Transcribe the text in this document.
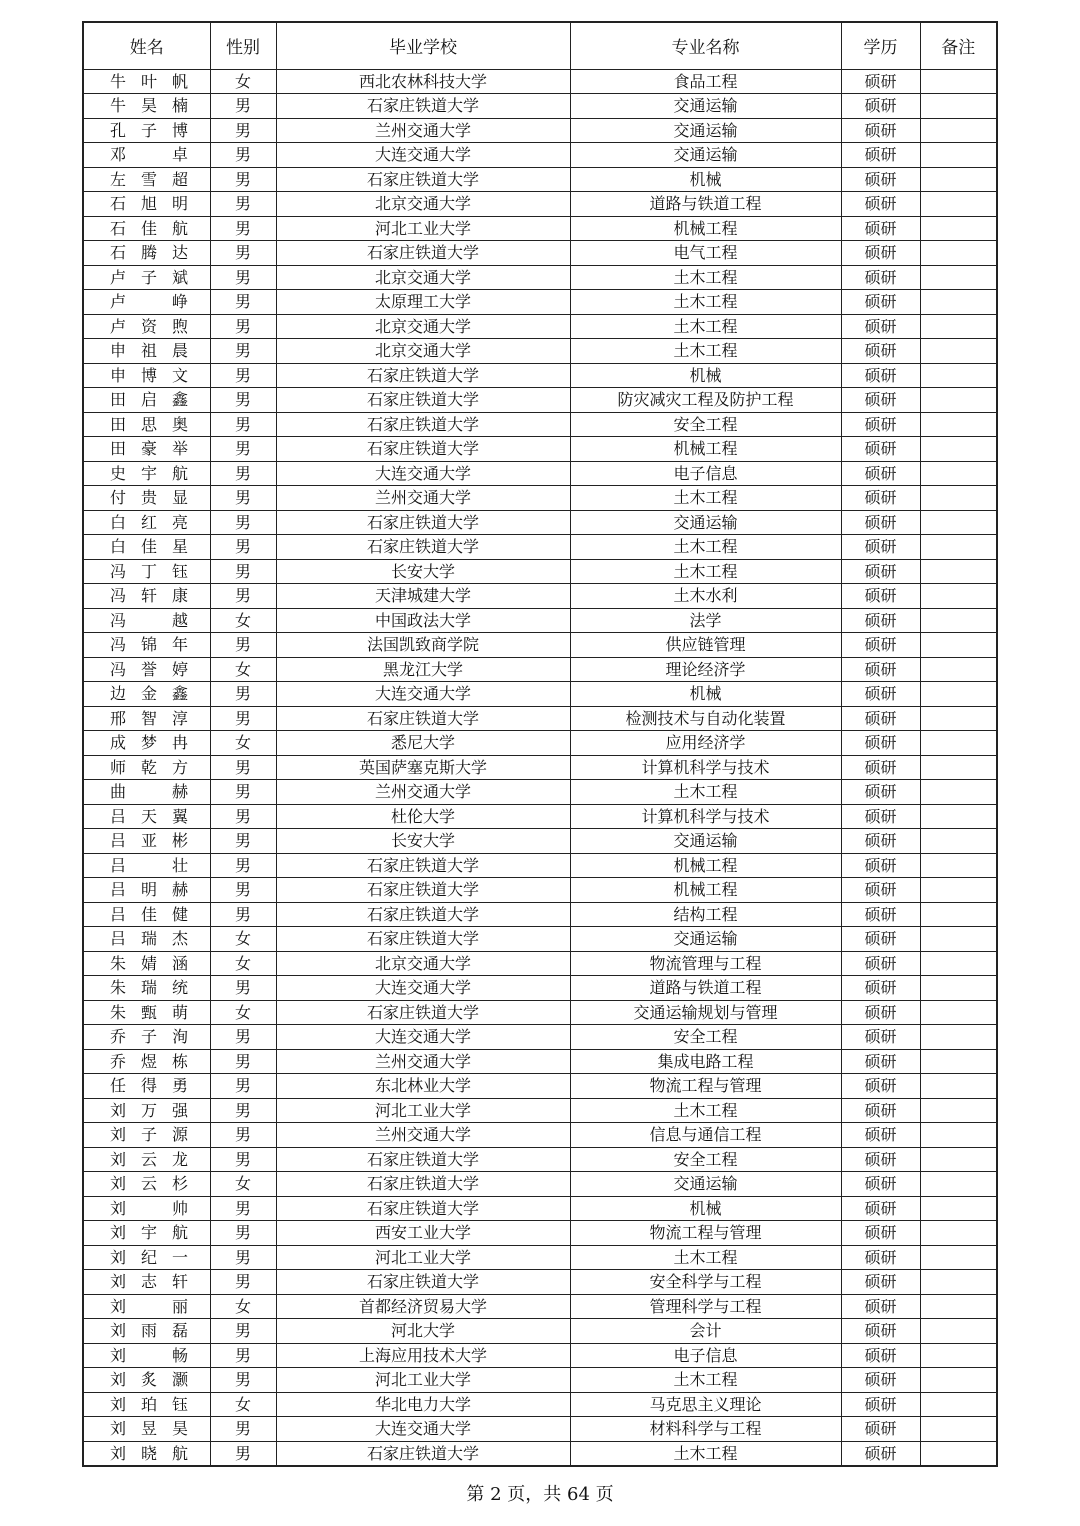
姓名	性别	毕业学校	专业名称	学历	备注
牛叶帆	女	西北农林科技大学	食品工程	硕研	
牛昊楠	男	石家庄铁道大学	交通运输	硕研	
孔子博	男	兰州交通大学	交通运输	硕研	
邓卓	男	大连交通大学	交通运输	硕研	
左雪超	男	石家庄铁道大学	机械	硕研	
石旭明	男	北京交通大学	道路与铁道工程	硕研	
石佳航	男	河北工业大学	机械工程	硕研	
石腾达	男	石家庄铁道大学	电气工程	硕研	
卢子斌	男	北京交通大学	土木工程	硕研	
卢峥	男	太原理工大学	土木工程	硕研	
卢资煦	男	北京交通大学	土木工程	硕研	
申祖晨	男	北京交通大学	土木工程	硕研	
申博文	男	石家庄铁道大学	机械	硕研	
田启鑫	男	石家庄铁道大学	防灾减灾工程及防护工程	硕研	
田思奥	男	石家庄铁道大学	安全工程	硕研	
田豪举	男	石家庄铁道大学	机械工程	硕研	
史宇航	男	大连交通大学	电子信息	硕研	
付贵显	男	兰州交通大学	土木工程	硕研	
白红亮	男	石家庄铁道大学	交通运输	硕研	
白佳星	男	石家庄铁道大学	土木工程	硕研	
冯丁钰	男	长安大学	土木工程	硕研	
冯轩康	男	天津城建大学	土木水利	硕研	
冯越	女	中国政法大学	法学	硕研	
冯锦年	男	法国凯致商学院	供应链管理	硕研	
冯誉婷	女	黑龙江大学	理论经济学	硕研	
边金鑫	男	大连交通大学	机械	硕研	
邢智淳	男	石家庄铁道大学	检测技术与自动化装置	硕研	
成梦冉	女	悉尼大学	应用经济学	硕研	
师乾方	男	英国萨塞克斯大学	计算机科学与技术	硕研	
曲赫	男	兰州交通大学	土木工程	硕研	
吕天翼	男	杜伦大学	计算机科学与技术	硕研	
吕亚彬	男	长安大学	交通运输	硕研	
吕壮	男	石家庄铁道大学	机械工程	硕研	
吕明赫	男	石家庄铁道大学	机械工程	硕研	
吕佳健	男	石家庄铁道大学	结构工程	硕研	
吕瑞杰	女	石家庄铁道大学	交通运输	硕研	
朱婧涵	女	北京交通大学	物流管理与工程	硕研	
朱瑞统	男	大连交通大学	道路与铁道工程	硕研	
朱甄萌	女	石家庄铁道大学	交通运输规划与管理	硕研	
乔子洵	男	大连交通大学	安全工程	硕研	
乔煜栋	男	兰州交通大学	集成电路工程	硕研	
任得勇	男	东北林业大学	物流工程与管理	硕研	
刘万强	男	河北工业大学	土木工程	硕研	
刘子源	男	兰州交通大学	信息与通信工程	硕研	
刘云龙	男	石家庄铁道大学	安全工程	硕研	
刘云杉	女	石家庄铁道大学	交通运输	硕研	
刘帅	男	石家庄铁道大学	机械	硕研	
刘宇航	男	西安工业大学	物流工程与管理	硕研	
刘纪一	男	河北工业大学	土木工程	硕研	
刘志轩	男	石家庄铁道大学	安全科学与工程	硕研	
刘丽	女	首都经济贸易大学	管理科学与工程	硕研	
刘雨磊	男	河北大学	会计	硕研	
刘畅	男	上海应用技术大学	电子信息	硕研	
刘炙灏	男	河北工业大学	土木工程	硕研	
刘珀钰	女	华北电力大学	马克思主义理论	硕研	
刘昱昊	男	大连交通大学	材料科学与工程	硕研	
刘晓航	男	石家庄铁道大学	土木工程	硕研	
第 2 页，共 64 页
